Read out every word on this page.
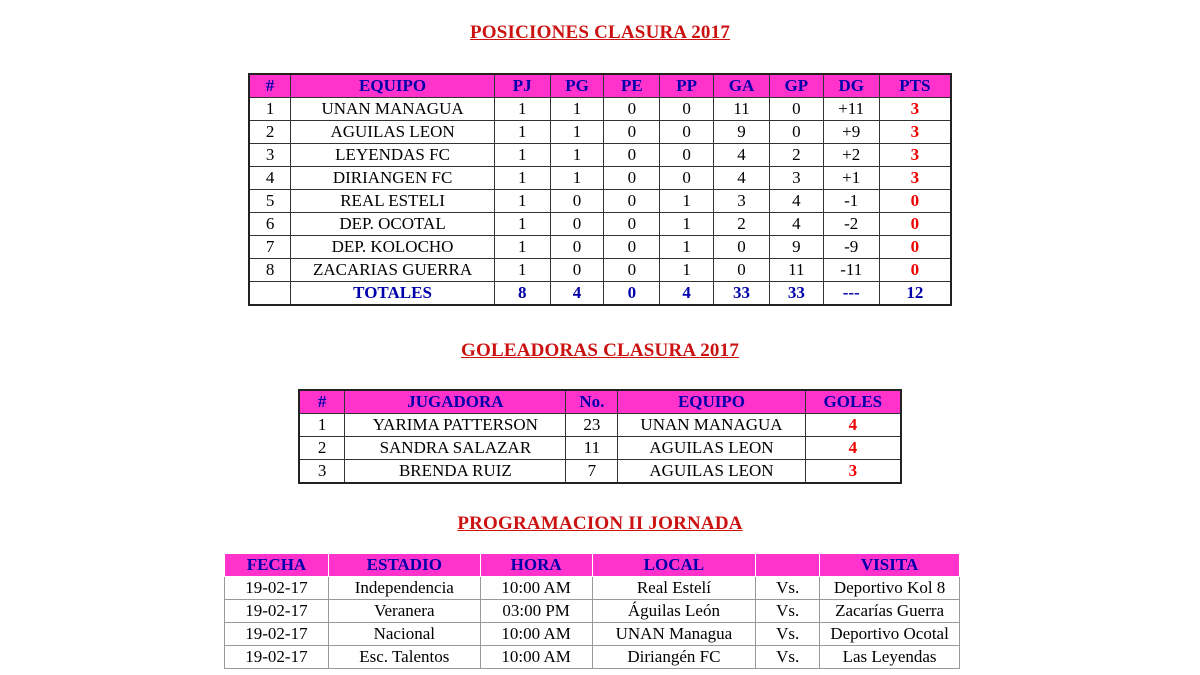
POSICIONES CLASURA 2017
#	EQUIPO	PJ	PG	PE	PP	GA	GP	DG	PTS
1	UNAN MANAGUA	1	1	0	0	11	0	+11	3
2	AGUILAS LEON	1	1	0	0	9	0	+9	3
3	LEYENDAS FC	1	1	0	0	4	2	+2	3
4	DIRIANGEN FC	1	1	0	0	4	3	+1	3
5	REAL ESTELI	1	0	0	1	3	4	-1	0
6	DEP. OCOTAL	1	0	0	1	2	4	-2	0
7	DEP. KOLOCHO	1	0	0	1	0	9	-9	0
8	ZACARIAS GUERRA	1	0	0	1	0	11	-11	0
	TOTALES	8	4	0	4	33	33	---	12
GOLEADORAS CLASURA 2017
#	JUGADORA	No.	EQUIPO	GOLES
1	YARIMA PATTERSON	23	UNAN MANAGUA	4
2	SANDRA SALAZAR	11	AGUILAS LEON	4
3	BRENDA RUIZ	7	AGUILAS LEON	3
PROGRAMACION II JORNADA
FECHA	ESTADIO	HORA	LOCAL		VISITA
19-02-17	Independencia	10:00 AM	Real Estelí	Vs.	Deportivo Kol 8
19-02-17	Veranera	03:00 PM	Águilas León	Vs.	Zacarías Guerra
19-02-17	Nacional	10:00 AM	UNAN Managua	Vs.	Deportivo Ocotal
19-02-17	Esc. Talentos	10:00 AM	Diriangén FC	Vs.	Las Leyendas
